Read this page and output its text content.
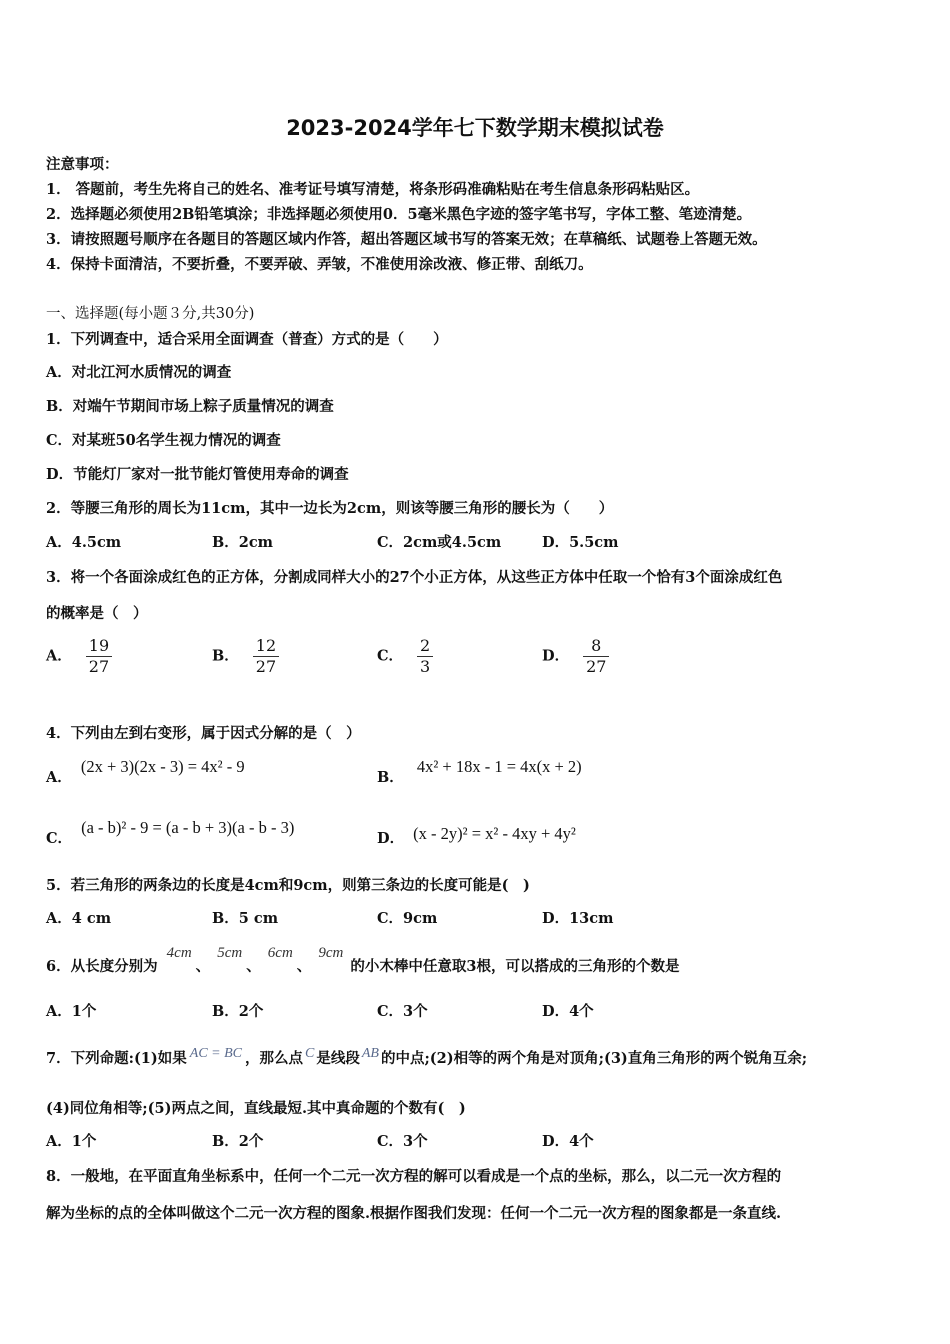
2023-2024学年七下数学期末模拟试卷
注意事项：
1． 答题前，考生先将自己的姓名、准考证号填写清楚，将条形码准确粘贴在考生信息条形码粘贴区。
2．选择题必须使用2B铅笔填涂；非选择题必须使用0．5毫米黑色字迹的签字笔书写，字体工整、笔迹清楚。
3．请按照题号顺序在各题目的答题区域内作答，超出答题区域书写的答案无效；在草稿纸、试题卷上答题无效。
4．保持卡面清洁，不要折叠，不要弄破、弄皱，不准使用涂改液、修正带、刮纸刀。
一、选择题(每小题３分,共30分)
1．下列调查中，适合采用全面调查（普查）方式的是（　　）
A．对北江河水质情况的调查
B．对端午节期间市场上粽子质量情况的调查
C．对某班50名学生视力情况的调查
D．节能灯厂家对一批节能灯管使用寿命的调查
2．等腰三角形的周长为11cm，其中一边长为2cm，则该等腰三角形的腰长为（　　）
A．4.5cm	B．2cm	C．2cm或4.5cm	D．5.5cm
3．将一个各面涂成红色的正方体，分割成同样大小的27个小正方体，从这些正方体中任取一个恰有3个面涂成红色
的概率是（　）
A． $\frac{19}{27}$	B． $\frac{12}{27}$	C． $\frac{2}{3}$	D． $\frac{8}{27}$
4．下列由左到右变形，属于因式分解的是（　）
A． (2x + 3)(2x - 3) = 4x² - 9
B． 4x² + 18x - 1 = 4x(x + 2)
C． (a - b)² - 9 = (a - b + 3)(a - b - 3)
D． (x - 2y)² = x² - 4xy + 4y²
5．若三角形的两条边的长度是4cm和9cm，则第三条边的长度可能是(　)
A．4 cm	B．5 cm	C．9cm	D．13cm
6．从长度分别为 4cm、 5cm、 6cm、 9cm 的小木棒中任意取3根，可以搭成的三角形的个数是
A．1个	B．2个	C．3个	D．4个
7．下列命题:(1)如果 AC = BC ，那么点 C 是线段 AB 的中点;(2)相等的两个角是对顶角;(3)直角三角形的两个锐角互余;
(4)同位角相等;(5)两点之间，直线最短.其中真命题的个数有(　)
A．1个	B．2个	C．3个	D．4个
8．一般地，在平面直角坐标系中，任何一个二元一次方程的解可以看成是一个点的坐标，那么，以二元一次方程的
解为坐标的点的全体叫做这个二元一次方程的图象.根据作图我们发现：任何一个二元一次方程的图象都是一条直线.
